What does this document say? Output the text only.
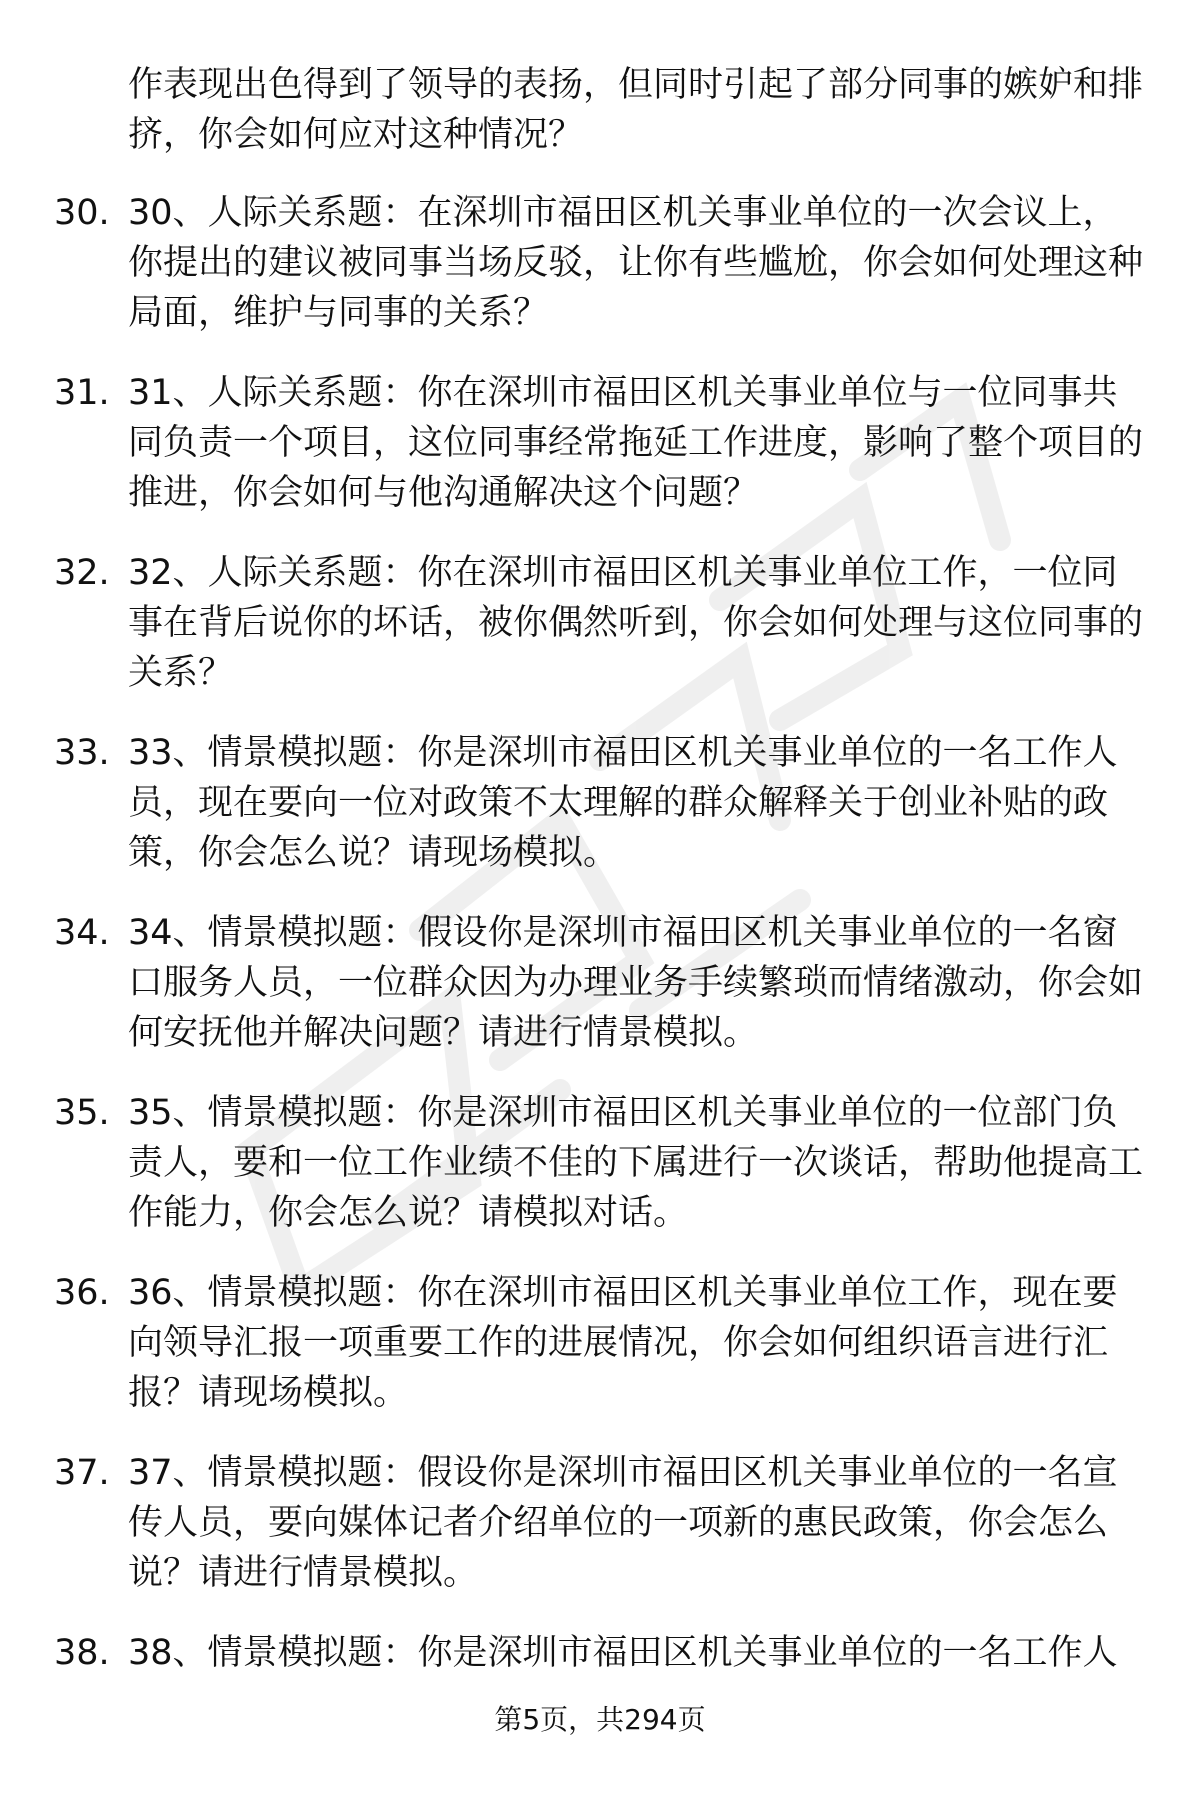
作表现出色得到了领导的表扬，但同时引起了部分同事的嫉妒和排挤，你会如何应对这种情况？

30. 30、人际关系题：在深圳市福田区机关事业单位的一次会议上，你提出的建议被同事当场反驳，让你有些尴尬，你会如何处理这种局面，维护与同事的关系？
31. 31、人际关系题：你在深圳市福田区机关事业单位与一位同事共同负责一个项目，这位同事经常拖延工作进度，影响了整个项目的推进，你会如何与他沟通解决这个问题？
32. 32、人际关系题：你在深圳市福田区机关事业单位工作，一位同事在背后说你的坏话，被你偶然听到，你会如何处理与这位同事的关系？
33. 33、情景模拟题：你是深圳市福田区机关事业单位的一名工作人员，现在要向一位对政策不太理解的群众解释关于创业补贴的政策，你会怎么说？请现场模拟。
34. 34、情景模拟题：假设你是深圳市福田区机关事业单位的一名窗口服务人员，一位群众因为办理业务手续繁琐而情绪激动，你会如何安抚他并解决问题？请进行情景模拟。
35. 35、情景模拟题：你是深圳市福田区机关事业单位的一位部门负责人，要和一位工作业绩不佳的下属进行一次谈话，帮助他提高工作能力，你会怎么说？请模拟对话。
36. 36、情景模拟题：你在深圳市福田区机关事业单位工作，现在要向领导汇报一项重要工作的进展情况，你会如何组织语言进行汇报？请现场模拟。
37. 37、情景模拟题：假设你是深圳市福田区机关事业单位的一名宣传人员，要向媒体记者介绍单位的一项新的惠民政策，你会怎么说？请进行情景模拟。
38. 38、情景模拟题：你是深圳市福田区机关事业单位的一名工作人
第5页，共294页
